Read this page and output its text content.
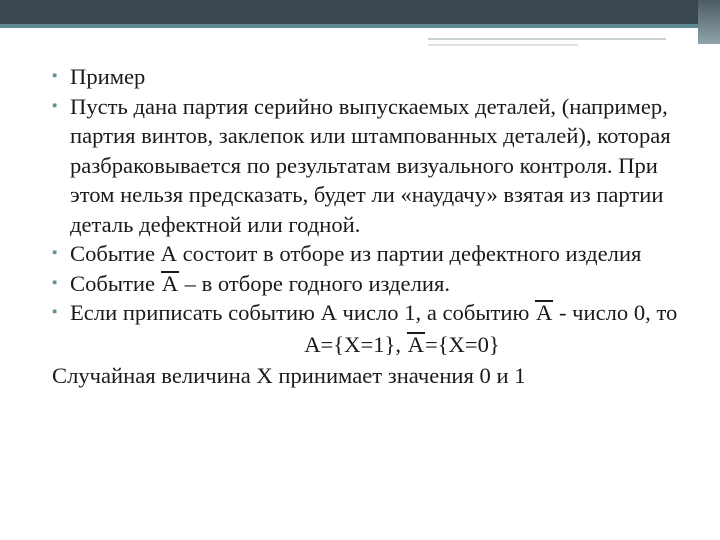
▪ Пример
▪ Пусть дана партия серийно выпускаемых деталей, (например, партия винтов, заклепок или штампованных деталей), которая разбраковывается по результатам визуального контроля. При этом нельзя предсказать, будет ли «наудачу» взятая из партии деталь дефектной или годной.
▪ Событие А состоит в отборе из партии дефектного изделия
▪ Событие А – в отборе годного изделия.
▪ Если приписать событию А число 1, а событию А - число 0, то
А={Х=1}, А={Х=0}
Случайная величина Х принимает значения 0 и 1
